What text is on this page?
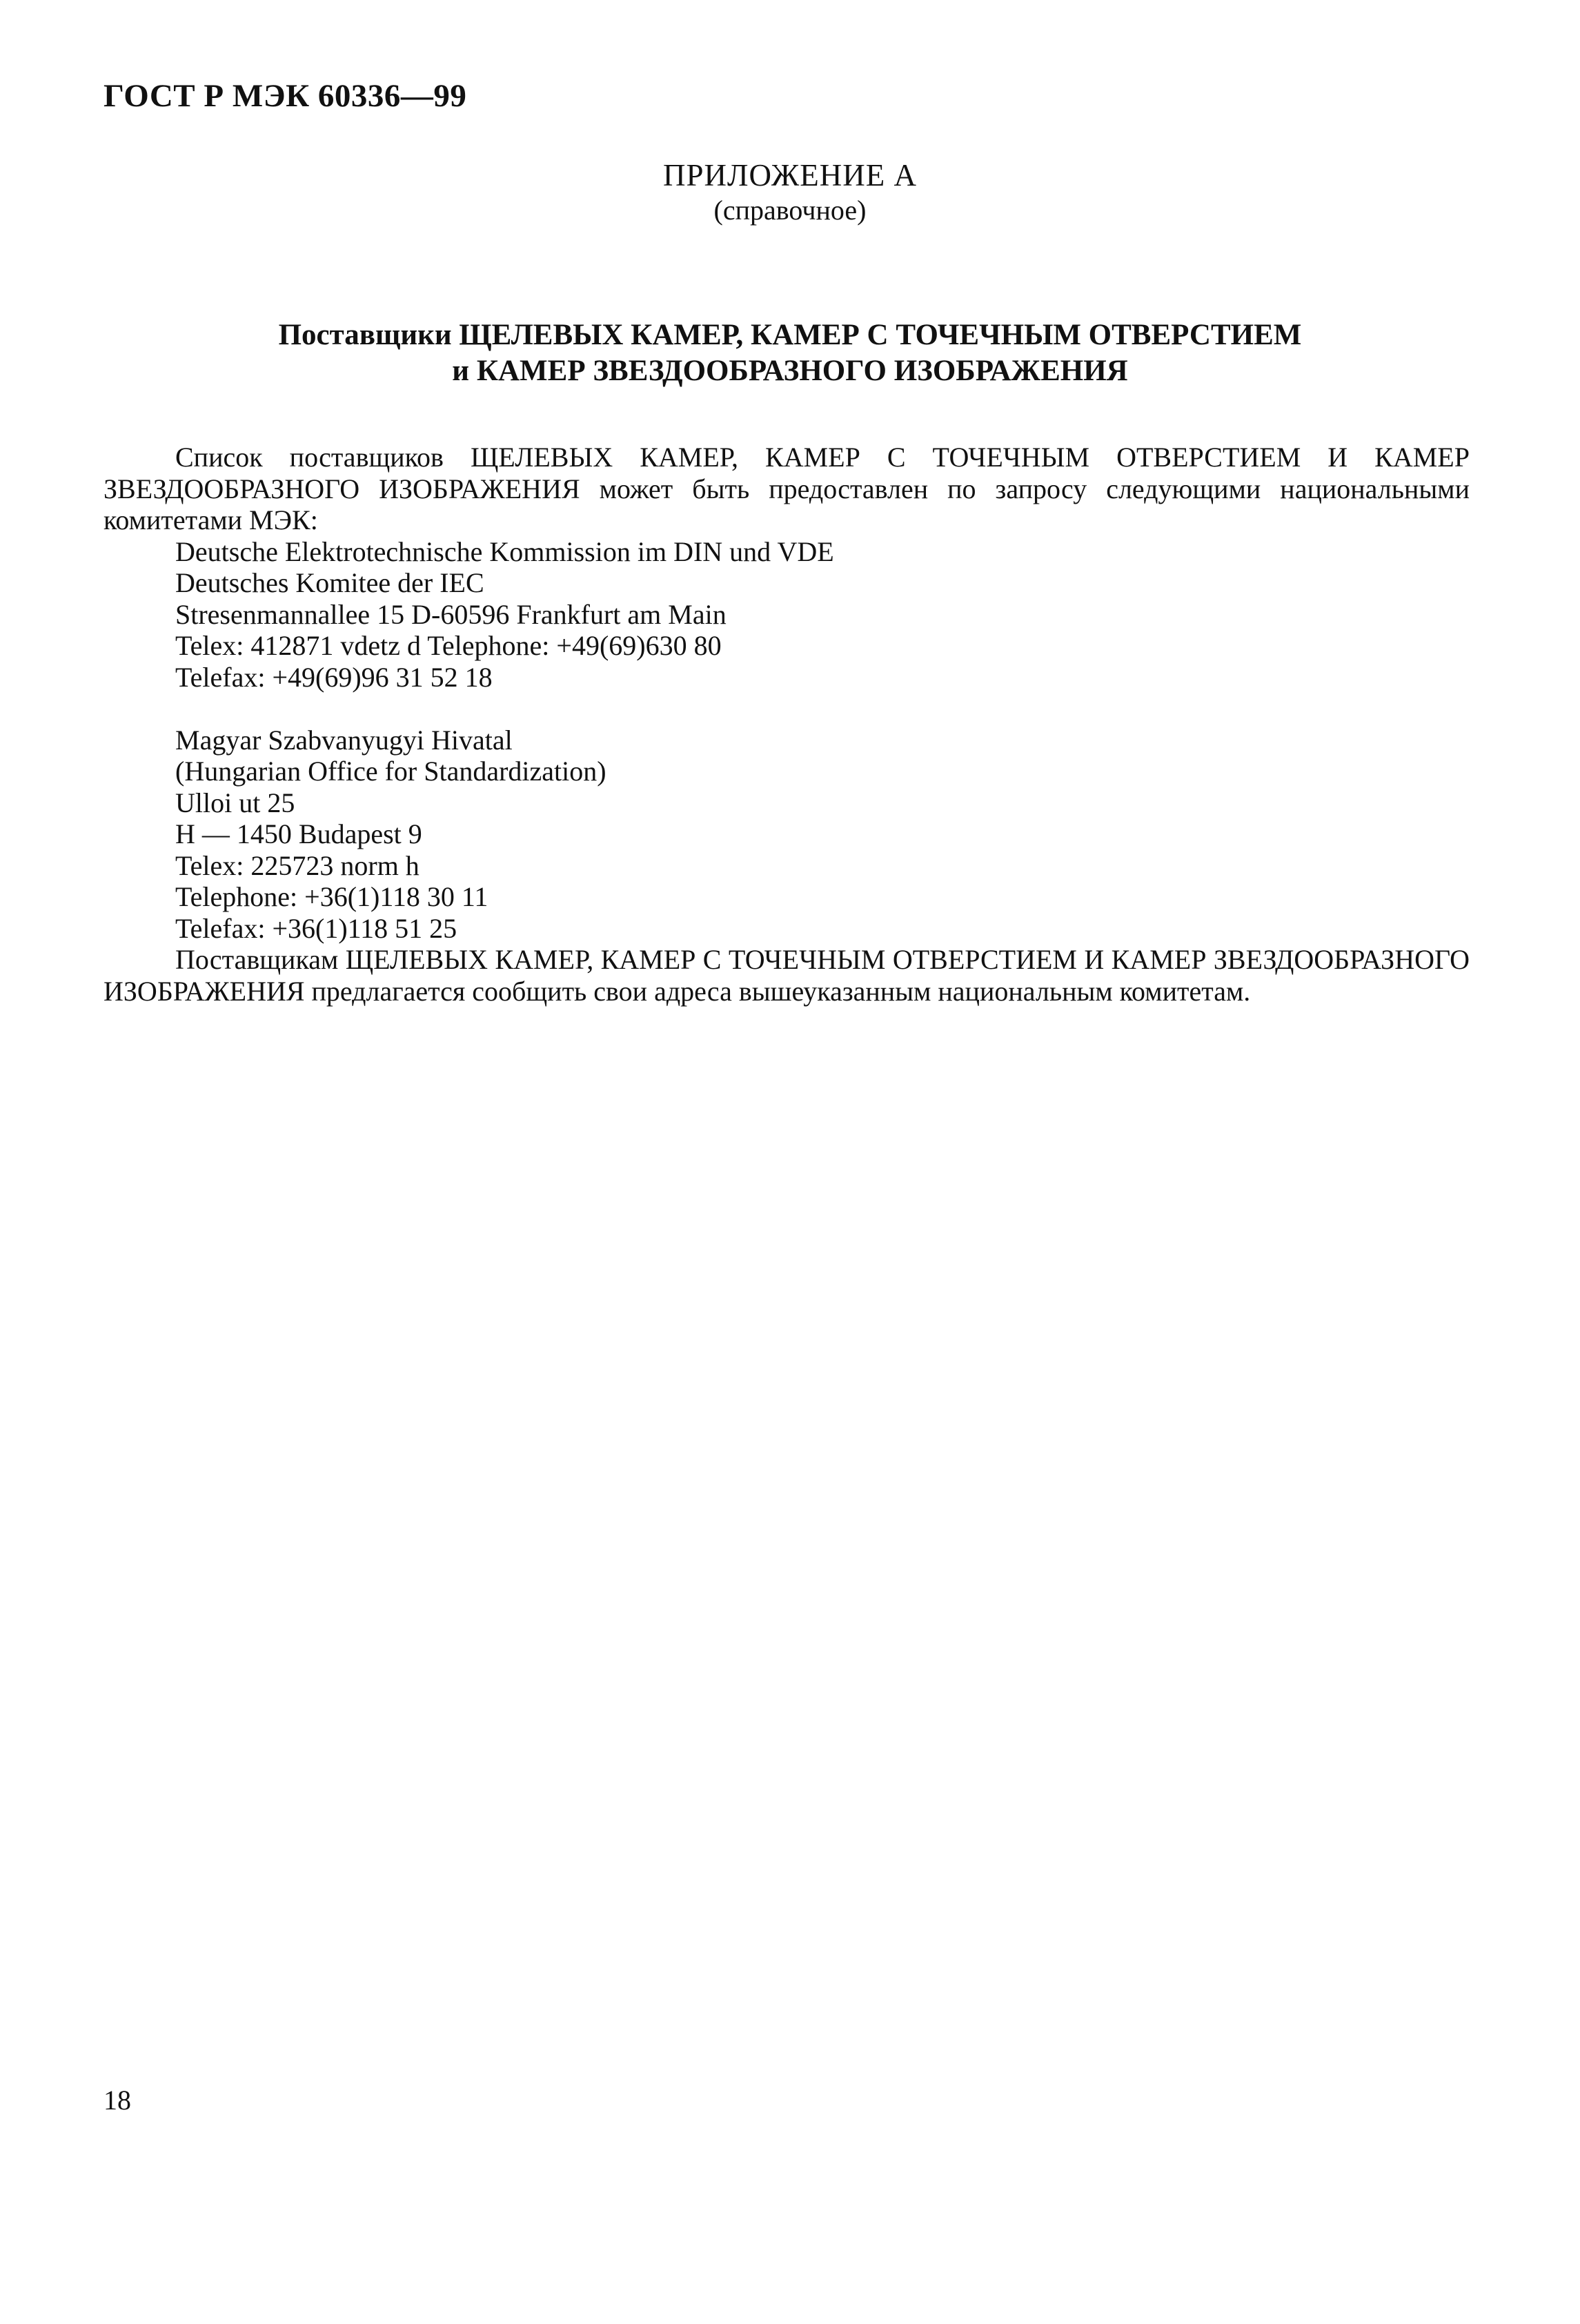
ГОСТ Р МЭК 60336—99
ПРИЛОЖЕНИЕ А
(справочное)
Поставщики ЩЕЛЕВЫХ КАМЕР, КАМЕР С ТОЧЕЧНЫМ ОТВЕРСТИЕМ
и КАМЕР ЗВЕЗДООБРАЗНОГО ИЗОБРАЖЕНИЯ

Список поставщиков ЩЕЛЕВЫХ КАМЕР, КАМЕР С ТОЧЕЧНЫМ ОТВЕРСТИЕМ И КАМЕР ЗВЕЗДООБРАЗНОГО ИЗОБРАЖЕНИЯ может быть предоставлен по запросу следующими национальными комитетами МЭК:

Deutsche Elektrotechnische Kommission im DIN und VDE
Deutsches Komitee der IEC
Stresenmannallee 15 D-60596 Frankfurt am Main
Telex: 412871 vdetz d Telephone: +49(69)630 80
Telefax: +49(69)96 31 52 18
Magyar Szabvanyugyi Hivatal
(Hungarian Office for Standardization)
Ulloi ut 25
H — 1450 Budapest 9
Telex: 225723 norm h
Telephone: +36(1)118 30 11
Telefax: +36(1)118 51 25

Поставщикам ЩЕЛЕВЫХ КАМЕР, КАМЕР С ТОЧЕЧНЫМ ОТВЕРСТИЕМ И КАМЕР ЗВЕЗДООБРАЗНОГО ИЗОБРАЖЕНИЯ предлагается сообщить свои адреса вышеуказанным национальным комитетам.

18
